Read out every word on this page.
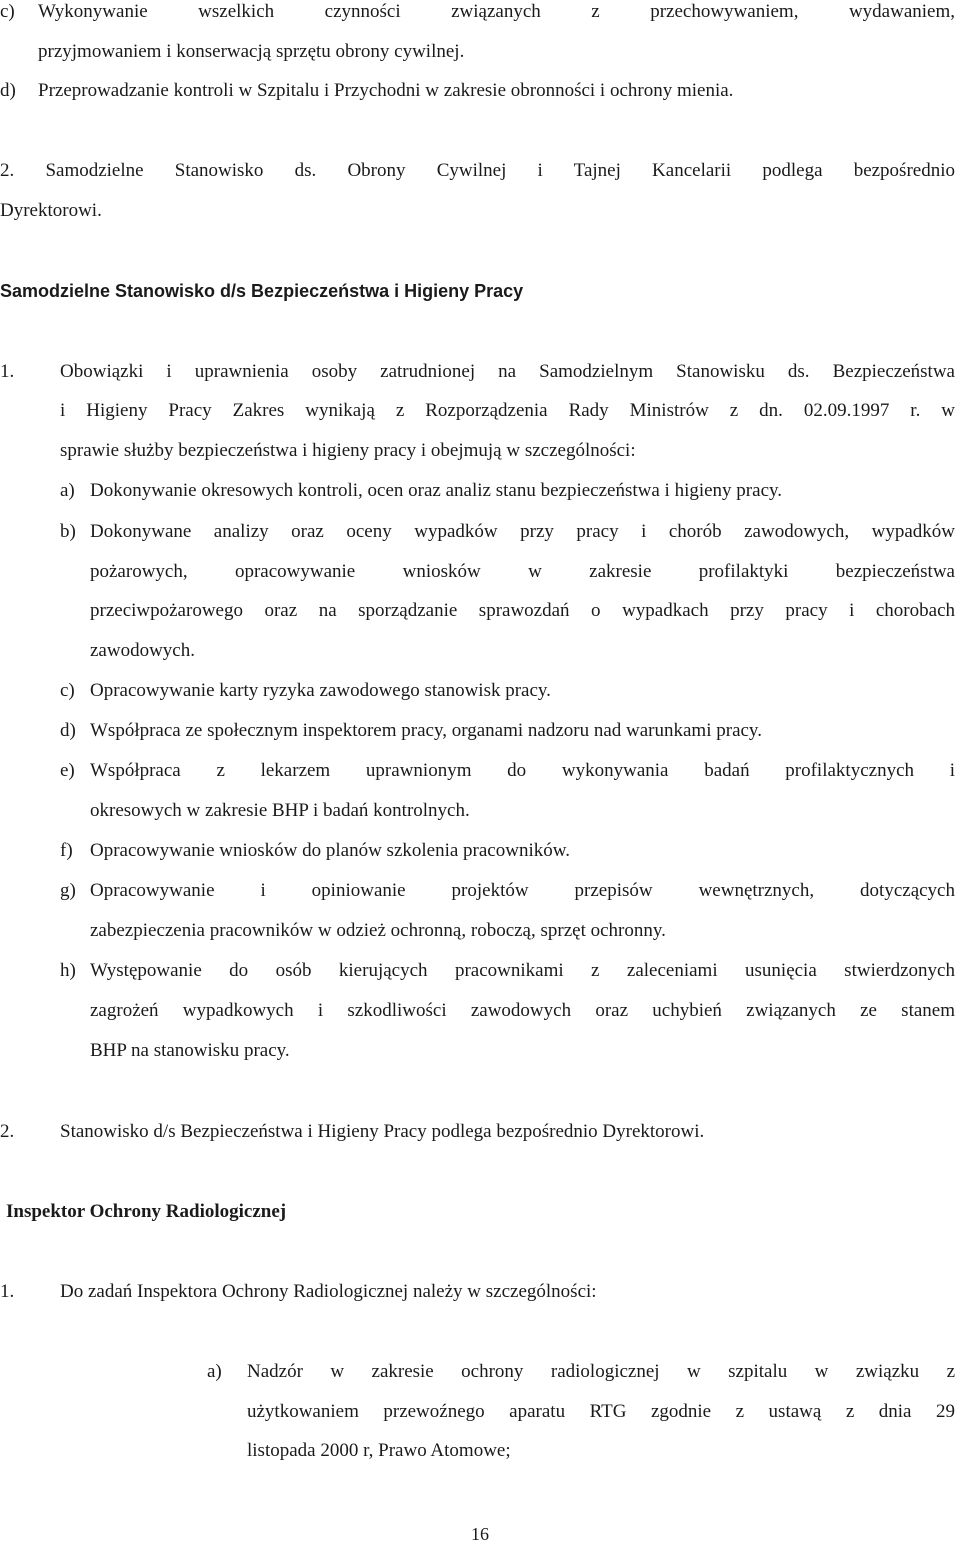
c) Wykonywanie wszelkich czynności związanych z przechowywaniem, wydawaniem,
przyjmowaniem i konserwacją sprzętu obrony cywilnej.
d) Przeprowadzanie kontroli w Szpitalu i Przychodni w zakresie obronności i ochrony mienia.
2. Samodzielne Stanowisko ds. Obrony Cywilnej i Tajnej Kancelarii podlega bezpośrednio
Dyrektorowi.
Samodzielne Stanowisko d/s Bezpieczeństwa i Higieny Pracy
1. Obowiązki i uprawnienia osoby zatrudnionej na Samodzielnym Stanowisku ds. Bezpieczeństwa
i Higieny Pracy Zakres wynikają z Rozporządzenia Rady Ministrów z dn. 02.09.1997 r. w
sprawie służby bezpieczeństwa i higieny pracy i obejmują w szczególności:
a) Dokonywanie okresowych kontroli, ocen oraz analiz stanu bezpieczeństwa i higieny pracy.
b) Dokonywane analizy oraz oceny wypadków przy pracy i chorób zawodowych, wypadków
pożarowych, opracowywanie wniosków w zakresie profilaktyki bezpieczeństwa
przeciwpożarowego oraz na sporządzanie sprawozdań o wypadkach przy pracy i chorobach
zawodowych.
c) Opracowywanie karty ryzyka zawodowego stanowisk pracy.
d) Współpraca ze społecznym inspektorem pracy, organami nadzoru nad warunkami pracy.
e) Współpraca z lekarzem uprawnionym do wykonywania badań profilaktycznych i
okresowych w zakresie BHP i badań kontrolnych.
f) Opracowywanie wniosków do planów szkolenia pracowników.
g) Opracowywanie i opiniowanie projektów przepisów wewnętrznych, dotyczących
zabezpieczenia pracowników w odzież ochronną, roboczą, sprzęt ochronny.
h) Występowanie do osób kierujących pracownikami z zaleceniami usunięcia stwierdzonych
zagrożeń wypadkowych i szkodliwości zawodowych oraz uchybień związanych ze stanem
BHP na stanowisku pracy.
2. Stanowisko d/s Bezpieczeństwa i Higieny Pracy podlega bezpośrednio Dyrektorowi.
Inspektor Ochrony Radiologicznej
1. Do zadań Inspektora Ochrony Radiologicznej należy w szczególności:
a) Nadzór w zakresie ochrony radiologicznej w szpitalu w związku z
użytkowaniem przewoźnego aparatu RTG zgodnie z ustawą z dnia 29
listopada 2000 r, Prawo Atomowe;
16
